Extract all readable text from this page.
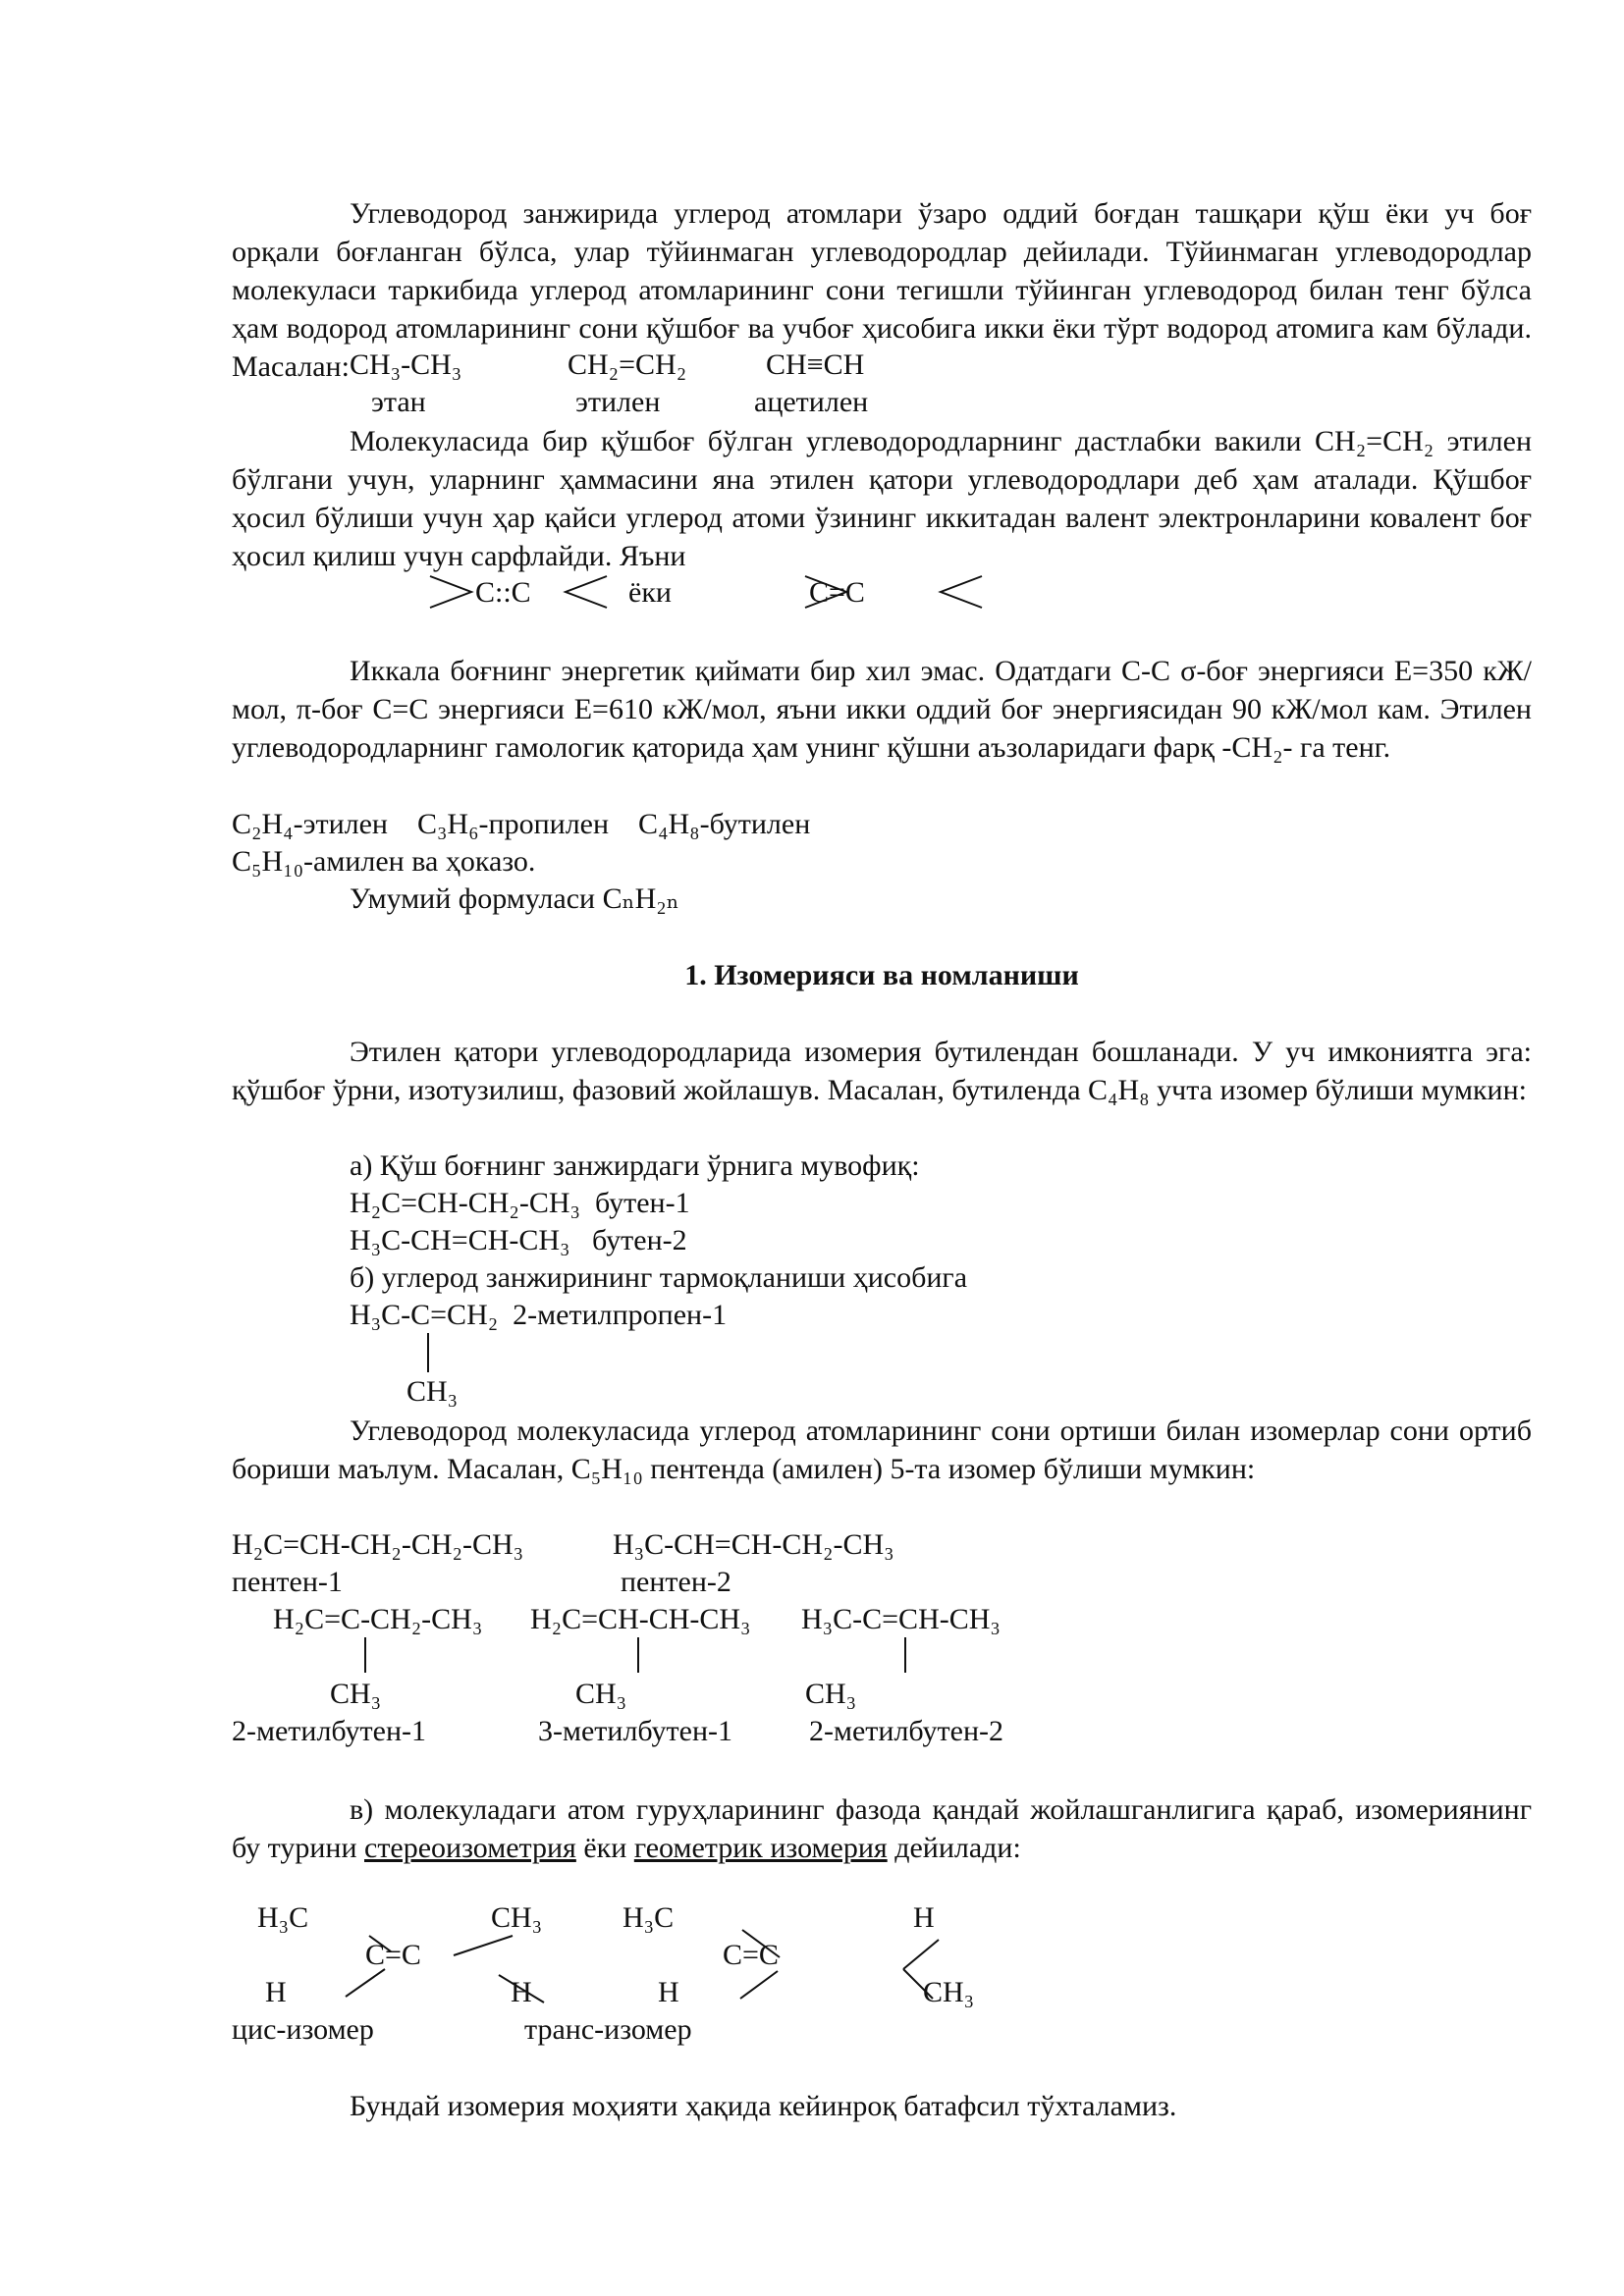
Углеводород занжирида углерод атомлари ўзаро оддий боғдан ташқари қўш ёки уч боғ орқали боғланган бўлса, улар тўйинмаган углеводородлар дейилади. Тўйинмаган углеводородлар молекуласи таркибида углерод атомларининг сони тегишли тўйинган углеводород билан тенг бўлса ҳам водород атомларининг сони қўшбоғ ва учбоғ ҳисобига икки ёки тўрт водород атомига кам бўлади. Масалан: CH₃-CH₃	CH₂=CH₂	CH≡CH
этан	этилен	ацетилен

Молекуласида бир қўшбоғ бўлган углеводородларнинг дастлабки вакили CH₂=CH₂ этилен бўлгани учун, уларнинг ҳаммасини яна этилен қатори углеводородлари деб ҳам аталади. Қўшбоғ ҳосил бўлиши учун ҳар қайси углерод атоми ўзининг иккитадан валент электронларини ковалент боғ ҳосил қилиш учун сарфлайди. Яъни

C::C	ёки	C=C

Иккала боғнинг энергетик қиймати бир хил эмас. Одатдаги C-C σ-боғ энергияси E=350 кЖ/мол, π-боғ C=C энергияси E=610 кЖ/мол, яъни икки оддий боғ энергиясидан 90 кЖ/мол кам. Этилен углеводородларнинг гамологик қаторида ҳам унинг қўшни аъзоларидаги фарқ -CH₂- га тенг.

C₂H₄-этилен    C₃H₆-пропилен    C₄H₈-бутилен
C₅H₁₀-амилен ва ҳоказо.
Умумий формуласи CₙH₂ₙ
1. Изомерияси ва номланиши

Этилен қатори углеводородларида изомерия бутилендан бошланади. У уч имкониятга эга: қўшбоғ ўрни, изотузилиш, фазовий жойлашув. Масалан, бутиленда C₄H₈ учта изомер бўлиши мумкин:

а) Қўш боғнинг занжирдаги ўрнига мувофиқ:
H₂C=CH-CH₂-CH₃  бутен-1
H₃C-CH=CH-CH₃   бутен-2
б) углерод занжирининг тармоқланиши ҳисобига
H₃C-C=CH₂  2-метилпропен-1
CH₃

Углеводород молекуласида углерод атомларининг сони ортиши билан изомерлар сони ортиб бориши маълум. Масалан, C₅H₁₀ пентенда (амилен) 5-та изомер бўлиши мумкин:

H₂C=CH-CH₂-CH₂-CH₃	H₃C-CH=CH-CH₂-CH₃
пентен-1	пентен-2
H₂C=C-CH₂-CH₃ H₂C=CH-CH-CH₃ H₃C-C=CH-CH₃
CH₃	CH₃	CH₃
2-метилбутен-1	3-метилбутен-1	2-метилбутен-2

в) молекуладаги атом гуруҳларининг фазода қандай жойлашганлигига қараб, изомериянинг бу турини стереоизометрия ёки геометрик изомерия дейилади:

H₃C	CH₃
C=C
H	H
цис-изомер
H₃C	H
C=C
H	CH₃
транс-изомер

Бундай изомерия моҳияти ҳақида кейинроқ батафсил тўхталамиз.
